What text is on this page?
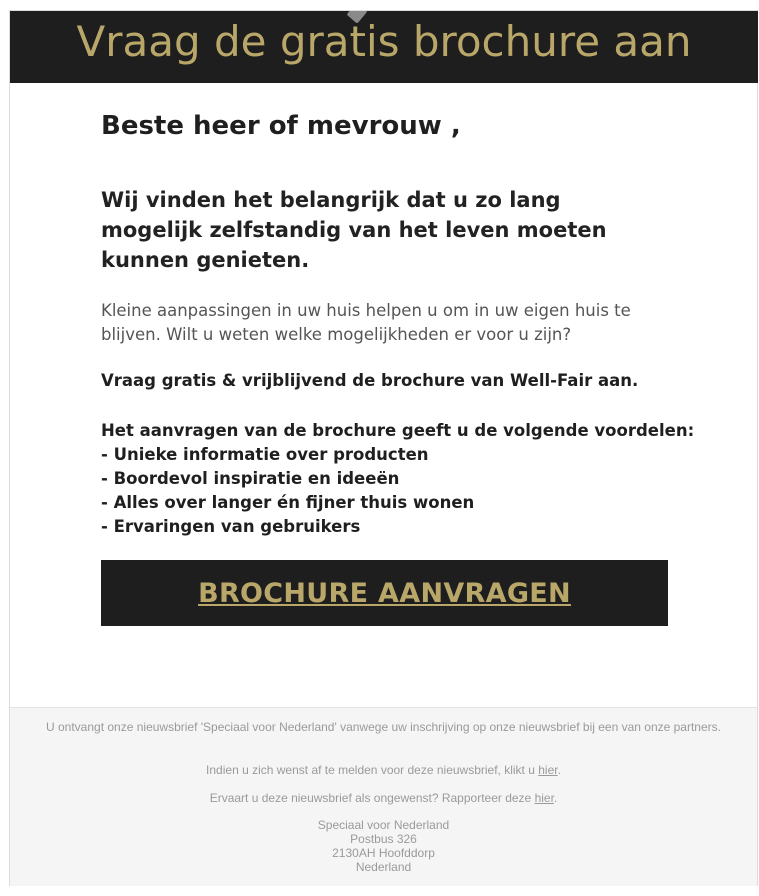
Vraag de gratis brochure aan
Beste heer of mevrouw ,
Wij vinden het belangrijk dat u zo lang mogelijk zelfstandig van het leven moeten kunnen genieten.
Kleine aanpassingen in uw huis helpen u om in uw eigen huis te blijven. Wilt u weten welke mogelijkheden er voor u zijn?
Vraag gratis & vrijblijvend de brochure van Well-Fair aan.
Het aanvragen van de brochure geeft u de volgende voordelen:
- Unieke informatie over producten
- Boordevol inspiratie en ideeën
- Alles over langer én fijner thuis wonen
- Ervaringen van gebruikers
BROCHURE AANVRAGEN
U ontvangt onze nieuwsbrief 'Speciaal voor Nederland' vanwege uw inschrijving op onze nieuwsbrief bij een van onze partners.
Indien u zich wenst af te melden voor deze nieuwsbrief, klikt u hier.
Ervaart u deze nieuwsbrief als ongewenst? Rapporteer deze hier.
Speciaal voor Nederland
Postbus 326
2130AH Hoofddorp
Nederland
